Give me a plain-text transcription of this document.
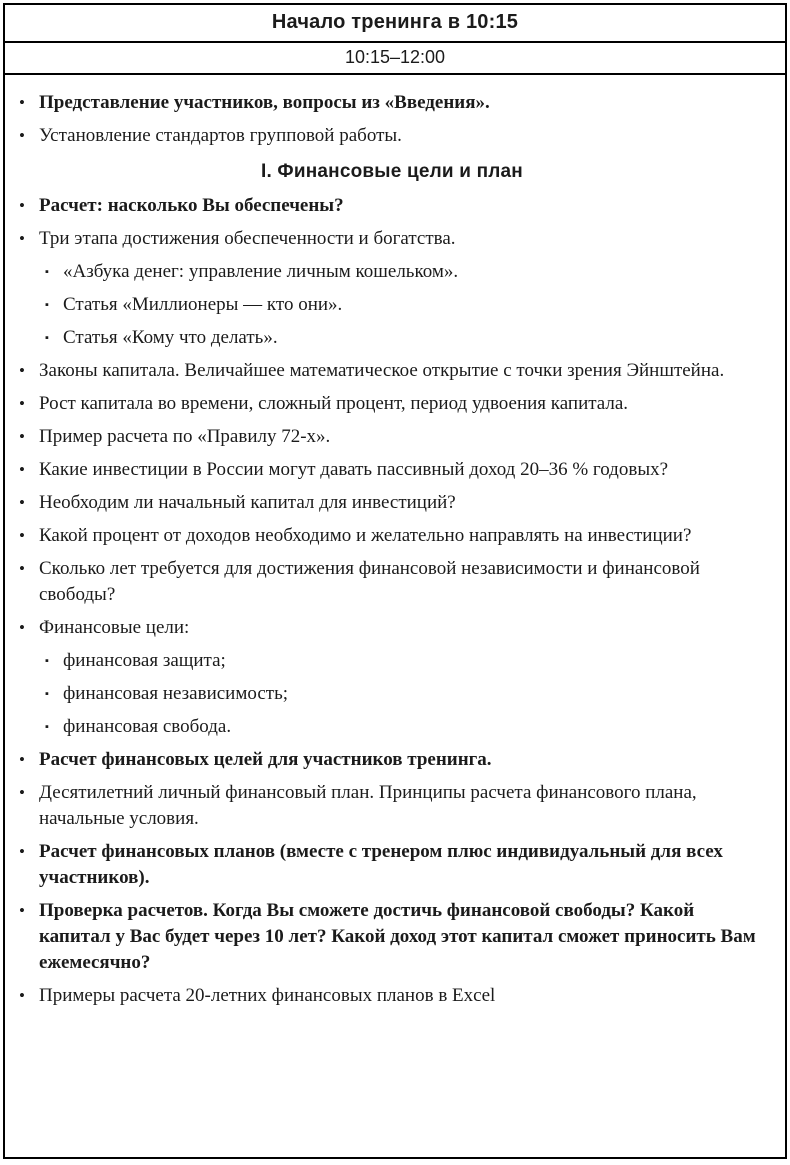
Начало тренинга в 10:15
10:15–12:00
• Представление участников, вопросы из «Введения».
• Установление стандартов групповой работы.
I. Финансовые цели и план
• Расчет: насколько Вы обеспечены?
• Три этапа достижения обеспеченности и богатства.
▪ «Азбука денег: управление личным кошельком».
▪ Статья «Миллионеры — кто они».
▪ Статья «Кому что делать».
• Законы капитала. Величайшее математическое открытие с точки зрения Эйнштейна.
• Рост капитала во времени, сложный процент, период удвоения капитала.
• Пример расчета по «Правилу 72-х».
• Какие инвестиции в России могут давать пассивный доход 20–36 % годовых?
• Необходим ли начальный капитал для инвестиций?
• Какой процент от доходов необходимо и желательно направлять на инвестиции?
• Сколько лет требуется для достижения финансовой независимости и финансовой свободы?
• Финансовые цели:
▪ финансовая защита;
▪ финансовая независимость;
▪ финансовая свобода.
• Расчет финансовых целей для участников тренинга.
• Десятилетний личный финансовый план. Принципы расчета финансового плана, начальные условия.
• Расчет финансовых планов (вместе с тренером плюс индивидуальный для всех участников).
• Проверка расчетов. Когда Вы сможете достичь финансовой свободы? Какой капитал у Вас будет через 10 лет? Какой доход этот капитал сможет приносить Вам ежемесячно?
• Примеры расчета 20-летних финансовых планов в Excel
